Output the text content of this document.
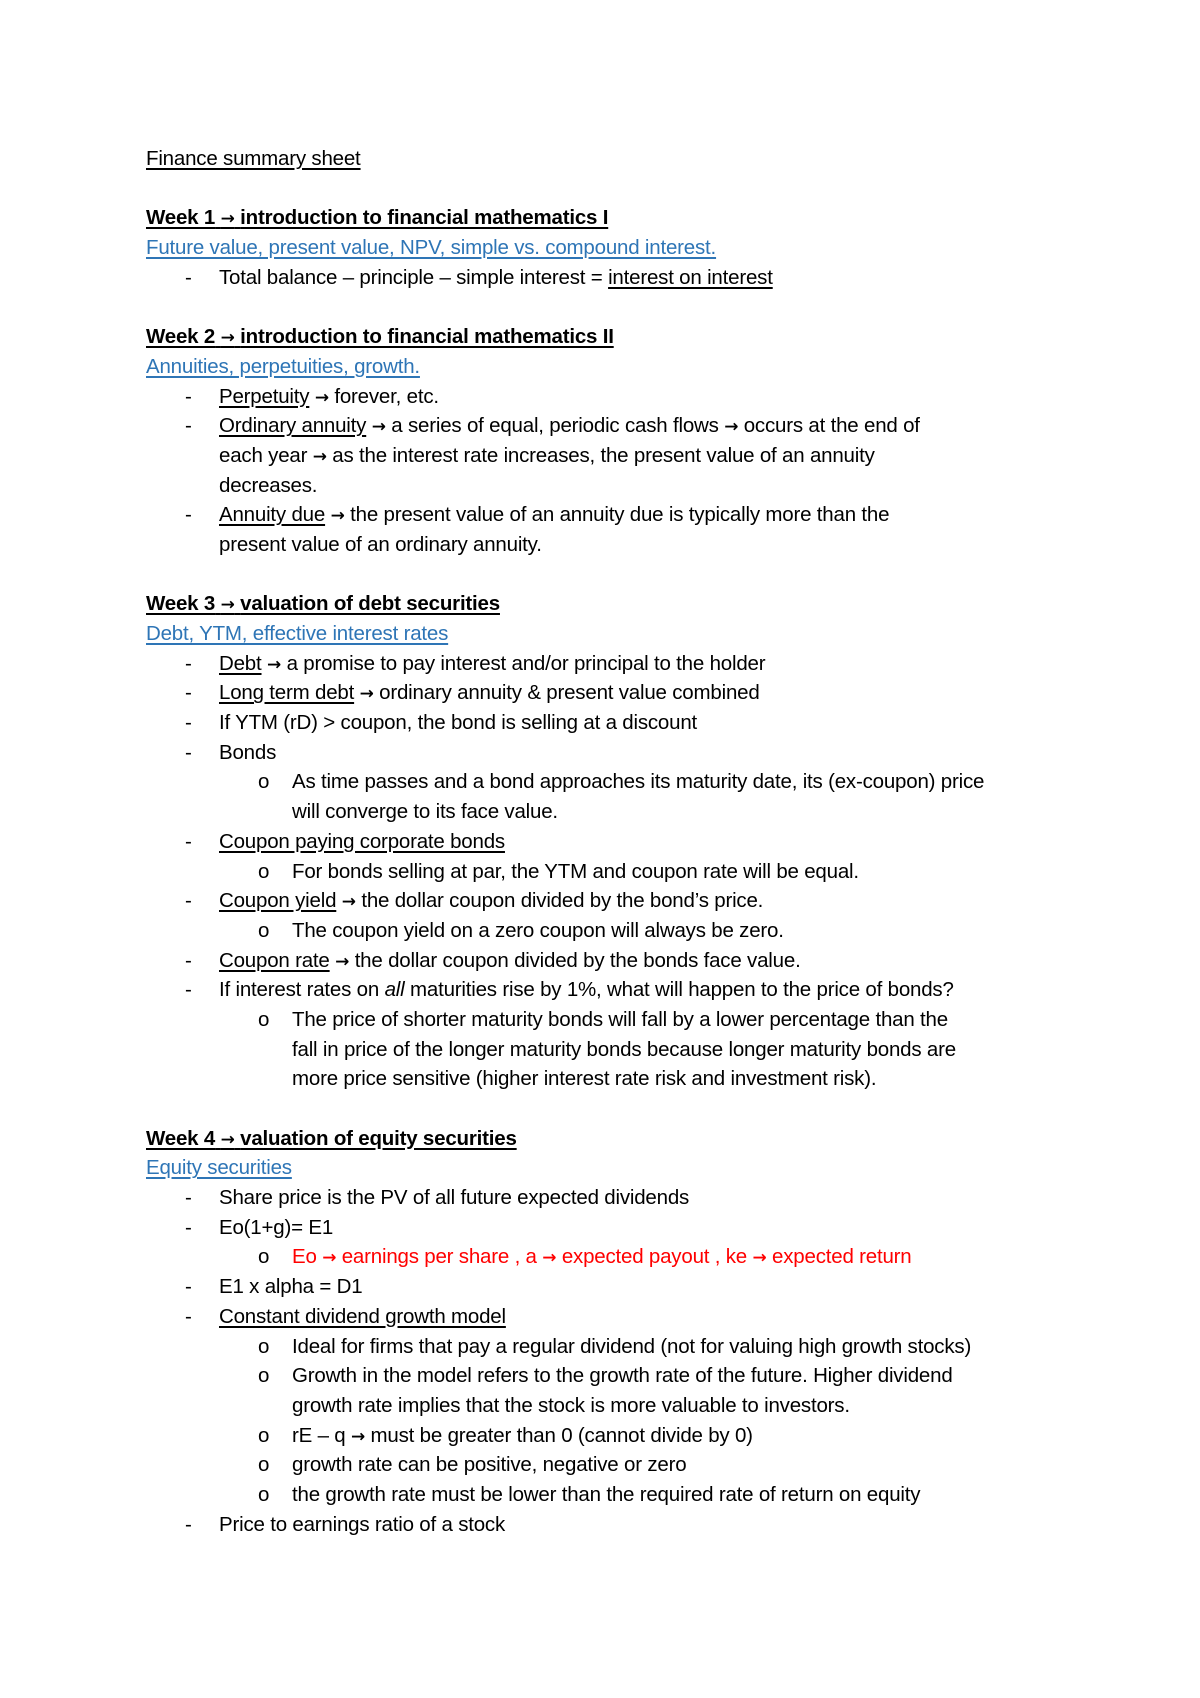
Finance summary sheet
Week 1 → introduction to financial mathematics I
Future value, present value, NPV, simple vs. compound interest.
- Total balance – principle – simple interest = interest on interest
Week 2 → introduction to financial mathematics II
Annuities, perpetuities, growth.
- Perpetuity → forever, etc.
- Ordinary annuity → a series of equal, periodic cash flows → occurs at the end of
each year → as the interest rate increases, the present value of an annuity
decreases.
- Annuity due → the present value of an annuity due is typically more than the
present value of an ordinary annuity.
Week 3 → valuation of debt securities
Debt, YTM, effective interest rates
- Debt → a promise to pay interest and/or principal to the holder
- Long term debt → ordinary annuity & present value combined
- If YTM (rD) > coupon, the bond is selling at a discount
- Bonds
o As time passes and a bond approaches its maturity date, its (ex-coupon) price
will converge to its face value.
- Coupon paying corporate bonds
o For bonds selling at par, the YTM and coupon rate will be equal.
- Coupon yield → the dollar coupon divided by the bond’s price.
o The coupon yield on a zero coupon will always be zero.
- Coupon rate → the dollar coupon divided by the bonds face value.
- If interest rates on all maturities rise by 1%, what will happen to the price of bonds?
o The price of shorter maturity bonds will fall by a lower percentage than the
fall in price of the longer maturity bonds because longer maturity bonds are
more price sensitive (higher interest rate risk and investment risk).
Week 4 → valuation of equity securities
Equity securities
- Share price is the PV of all future expected dividends
- Eo(1+g)= E1
o Eo → earnings per share , a → expected payout , ke → expected return
- E1 x alpha = D1
- Constant dividend growth model
o Ideal for firms that pay a regular dividend (not for valuing high growth stocks)
o Growth in the model refers to the growth rate of the future. Higher dividend
growth rate implies that the stock is more valuable to investors.
o rE – q → must be greater than 0 (cannot divide by 0)
o growth rate can be positive, negative or zero
o the growth rate must be lower than the required rate of return on equity
- Price to earnings ratio of a stock
